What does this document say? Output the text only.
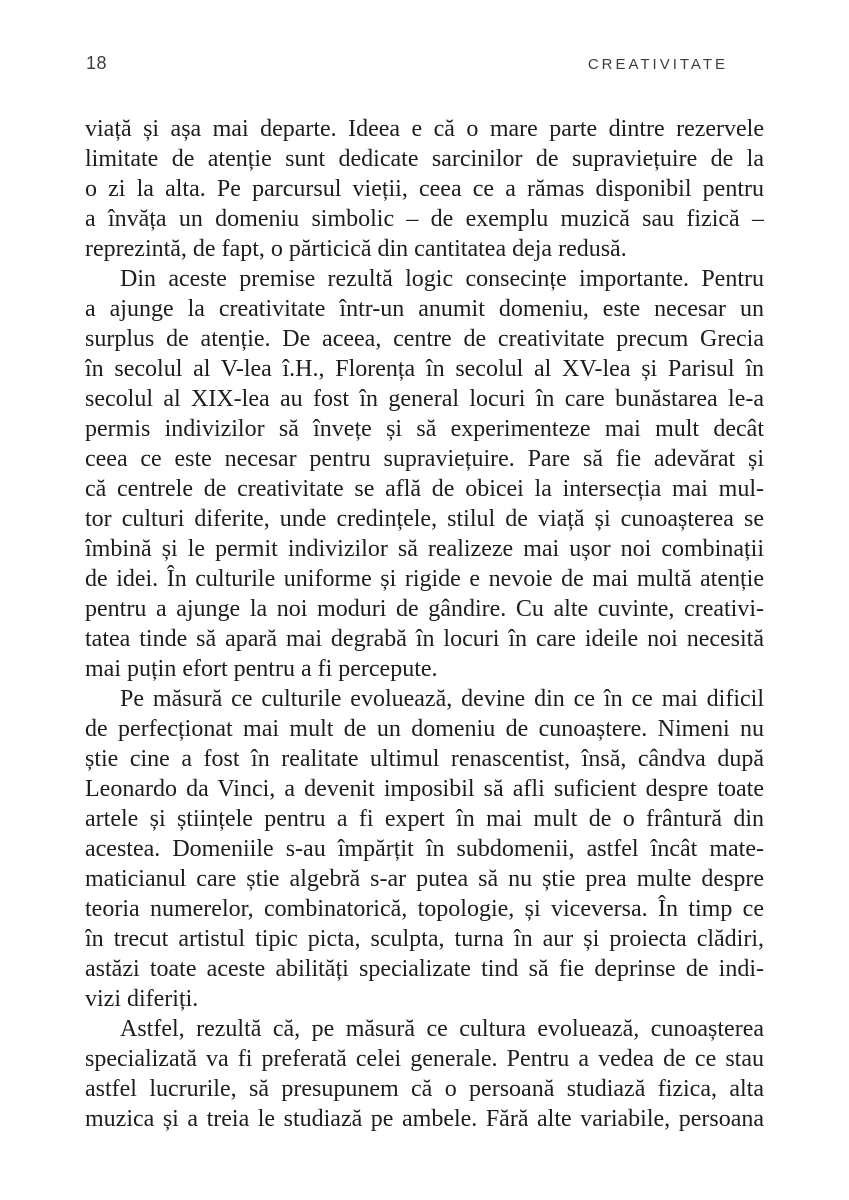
18	CREATIVITATE
viață și așa mai departe. Ideea e că o mare parte dintre rezervele
limitate de atenție sunt dedicate sarcinilor de supraviețuire de la
o zi la alta. Pe parcursul vieții, ceea ce a rămas disponibil pentru
a învăța un domeniu simbolic – de exemplu muzică sau fizică –
reprezintă, de fapt, o părticică din cantitatea deja redusă.
Din aceste premise rezultă logic consecințe importante. Pentru
a ajunge la creativitate într-un anumit domeniu, este necesar un
surplus de atenție. De aceea, centre de creativitate precum Grecia
în secolul al V-lea î.H., Florența în secolul al XV-lea și Parisul în
secolul al XIX-lea au fost în general locuri în care bunăstarea le-a
permis indivizilor să învețe și să experimenteze mai mult decât
ceea ce este necesar pentru supraviețuire. Pare să fie adevărat și
că centrele de creativitate se află de obicei la intersecția mai mul-
tor culturi diferite, unde credințele, stilul de viață și cunoașterea se
îmbină și le permit indivizilor să realizeze mai ușor noi combinații
de idei. În culturile uniforme și rigide e nevoie de mai multă atenție
pentru a ajunge la noi moduri de gândire. Cu alte cuvinte, creativi-
tatea tinde să apară mai degrabă în locuri în care ideile noi necesită
mai puțin efort pentru a fi percepute.
Pe măsură ce culturile evoluează, devine din ce în ce mai dificil
de perfecționat mai mult de un domeniu de cunoaștere. Nimeni nu
știe cine a fost în realitate ultimul renascentist, însă, cândva după
Leonardo da Vinci, a devenit imposibil să afli suficient despre toate
artele și științele pentru a fi expert în mai mult de o frântură din
acestea. Domeniile s-au împărțit în subdomenii, astfel încât mate-
maticianul care știe algebră s-ar putea să nu știe prea multe despre
teoria numerelor, combinatorică, topologie, și viceversa. În timp ce
în trecut artistul tipic picta, sculpta, turna în aur și proiecta clădiri,
astăzi toate aceste abilități specializate tind să fie deprinse de indi-
vizi diferiți.
Astfel, rezultă că, pe măsură ce cultura evoluează, cunoașterea
specializată va fi preferată celei generale. Pentru a vedea de ce stau
astfel lucrurile, să presupunem că o persoană studiază fizica, alta
muzica și a treia le studiază pe ambele. Fără alte variabile, persoana
